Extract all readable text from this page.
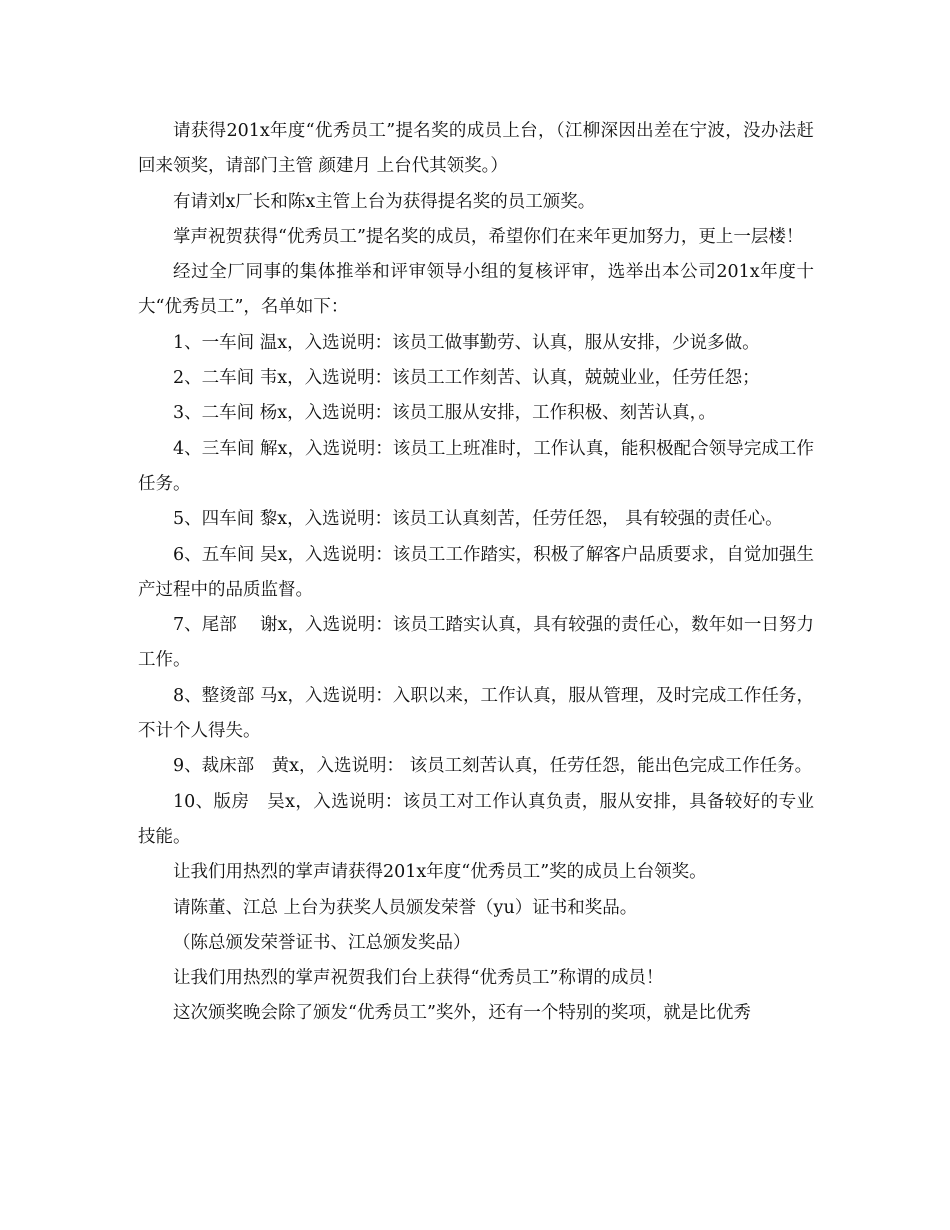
请获得201x年度“优秀员工”提名奖的成员上台，（江柳深因出差在宁波，没办法赶回来领奖，请部门主管 颜建月 上台代其领奖。）

有请刘x厂长和陈x主管上台为获得提名奖的员工颁奖。

掌声祝贺获得“优秀员工”提名奖的成员，希望你们在来年更加努力，更上一层楼！

经过全厂同事的集体推举和评审领导小组的复核评审，选举出本公司201x年度十大“优秀员工”，名单如下：

1、一车间 温x，入选说明：该员工做事勤劳、认真，服从安排，少说多做。

2、二车间 韦x，入选说明：该员工工作刻苦、认真，兢兢业业，任劳任怨；

3、二车间 杨x，入选说明：该员工服从安排，工作积极、刻苦认真，。

4、三车间 解x，入选说明：该员工上班准时，工作认真，能积极配合领导完成工作任务。

5、四车间 黎x，入选说明：该员工认真刻苦，任劳任怨， 具有较强的责任心。

6、五车间 吴x，入选说明：该员工工作踏实，积极了解客户品质要求，自觉加强生产过程中的品质监督。

7、尾部　 谢x，入选说明：该员工踏实认真，具有较强的责任心，数年如一日努力工作。

8、整烫部 马x，入选说明：入职以来，工作认真，服从管理，及时完成工作任务，不计个人得失。

9、裁床部　黄x，入选说明： 该员工刻苦认真，任劳任怨，能出色完成工作任务。

10、版房　吴x，入选说明：该员工对工作认真负责，服从安排，具备较好的专业技能。

让我们用热烈的掌声请获得201x年度“优秀员工”奖的成员上台领奖。

请陈董、江总 上台为获奖人员颁发荣誉（yu）证书和奖品。

（陈总颁发荣誉证书、江总颁发奖品）

让我们用热烈的掌声祝贺我们台上获得“优秀员工”称谓的成员！

这次颁奖晚会除了颁发“优秀员工”奖外，还有一个特别的奖项，就是比优秀
